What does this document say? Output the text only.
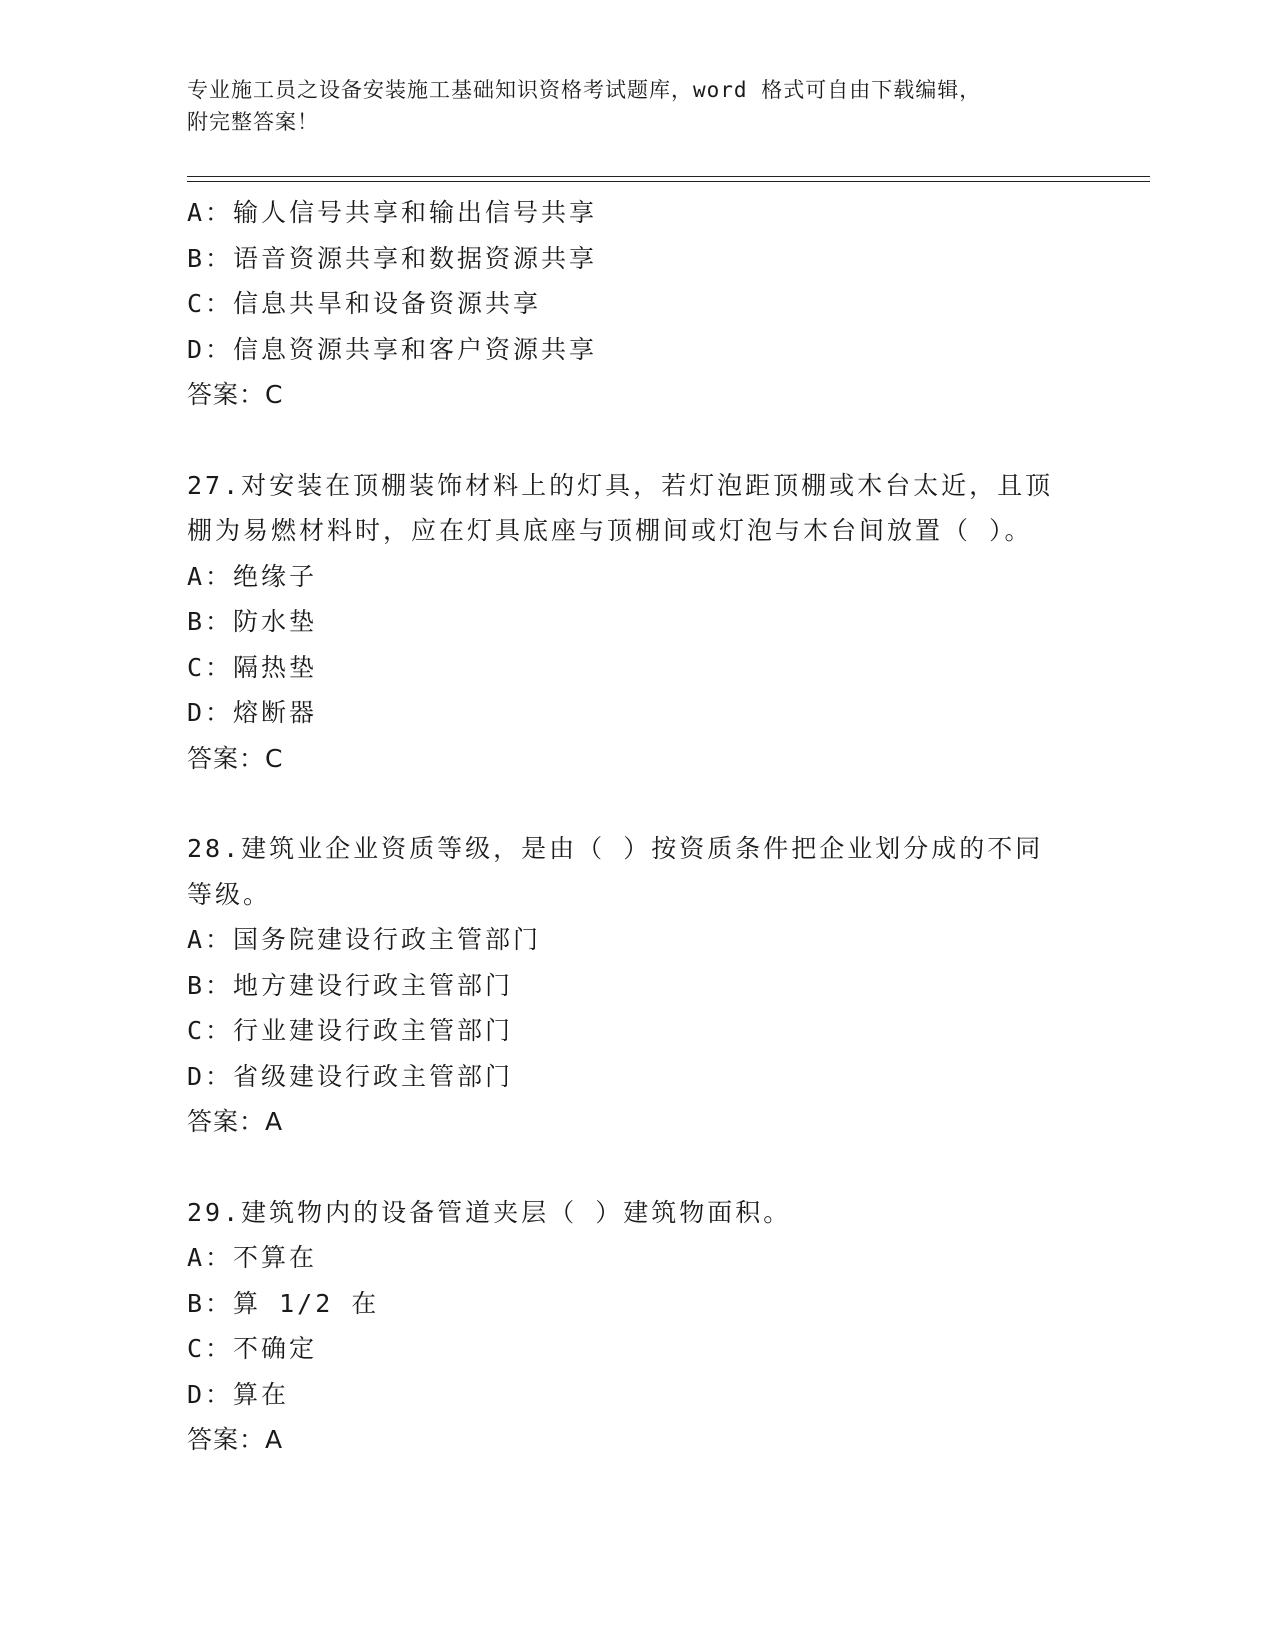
专业施工员之设备安装施工基础知识资格考试题库，word 格式可自由下载编辑，
附完整答案！
A：输人信号共享和输出信号共享
B：语音资源共享和数据资源共享
C：信息共旱和设备资源共享
D：信息资源共享和客户资源共享
答案：C
27.对安装在顶棚装饰材料上的灯具，若灯泡距顶棚或木台太近，且顶棚为易燃材料时，应在灯具底座与顶棚间或灯泡与木台间放置（ ）。
A：绝缘子
B：防水垫
C：隔热垫
D：熔断器
答案：C
28.建筑业企业资质等级，是由（ ）按资质条件把企业划分成的不同等级。
A：国务院建设行政主管部门
B：地方建设行政主管部门
C：行业建设行政主管部门
D：省级建设行政主管部门
答案：A
29.建筑物内的设备管道夹层（ ）建筑物面积。
A：不算在
B：算 1/2 在
C：不确定
D：算在
答案：A
